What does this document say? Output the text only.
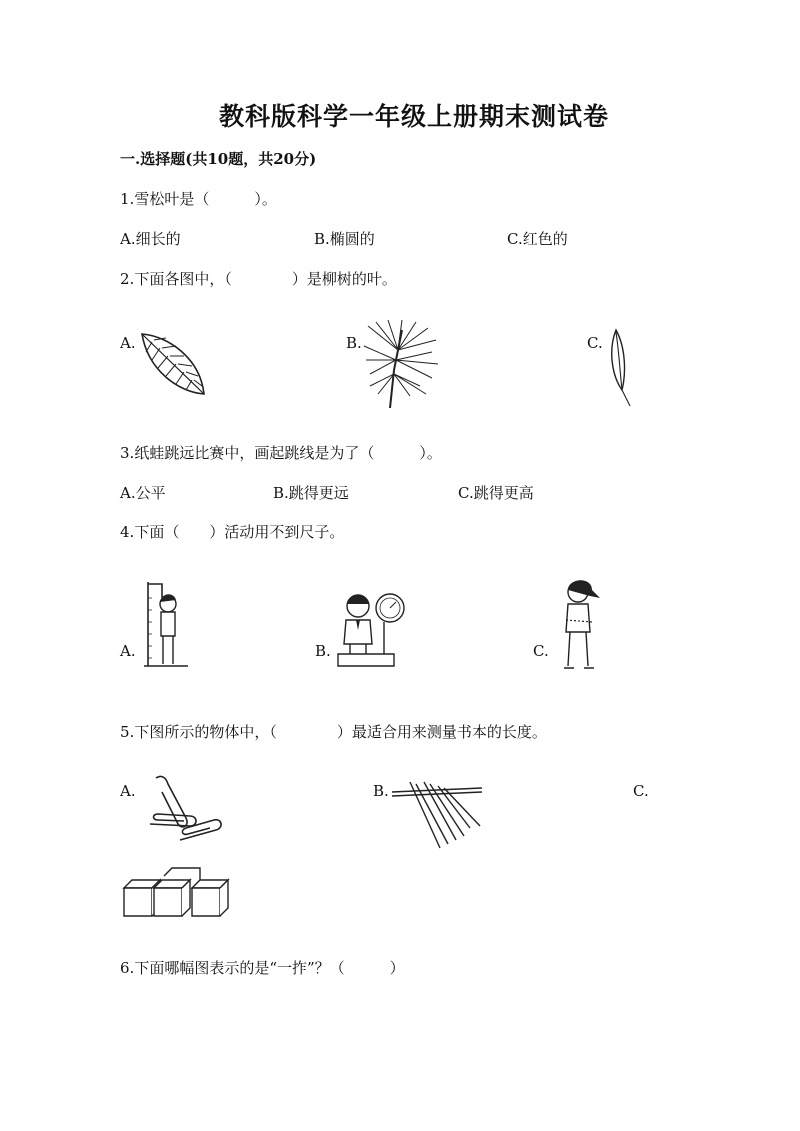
教科版科学一年级上册期末测试卷
一.选择题(共10题，共20分)
1.雪松叶是（　　　）。
A.细长的	B.椭圆的	C.红色的
2.下面各图中，（　　　　）是柳树的叶。
A.	B.	C.
3.纸蛙跳远比赛中，画起跳线是为了（　　　）。
A.公平	B.跳得更远	C.跳得更高
4.下面（　　）活动用不到尺子。
A.	B.	C.
5.下图所示的物体中，（　　　　）最适合用来测量书本的长度。
A.	B.	C.
6.下面哪幅图表示的是“一拃”？（　　　）
